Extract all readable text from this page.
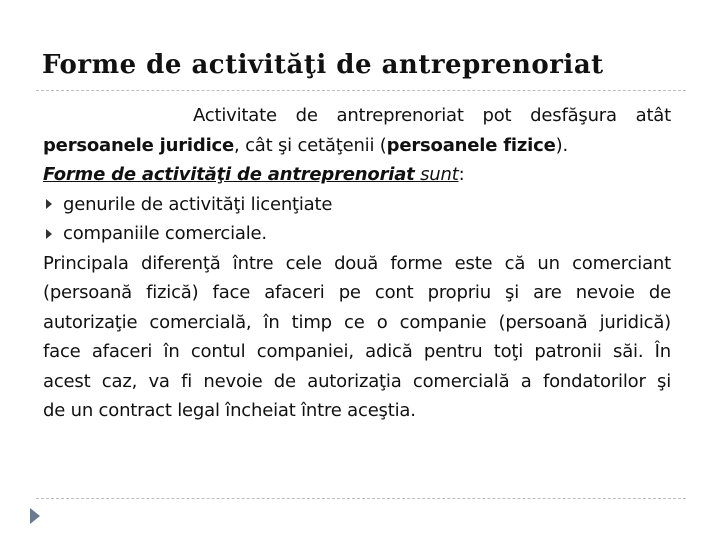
Forme de activităţi de antreprenoriat

Activitate de antreprenoriat pot desfăşura atât

persoanele juridice, cât şi cetăţenii (persoanele fizice).

Forme de activităţi de antreprenoriat sunt:

genurile de activităţi licenţiate
companiile comerciale.

Principala diferenţă între cele două forme este că un comerciant

(persoană fizică) face afaceri pe cont propriu şi are nevoie de

autorizaţie comercială, în timp ce o companie (persoană juridică)

face afaceri în contul companiei, adică pentru toţi patronii săi. În

acest caz, va fi nevoie de autorizaţia comercială a fondatorilor şi

de un contract legal încheiat între aceştia.
